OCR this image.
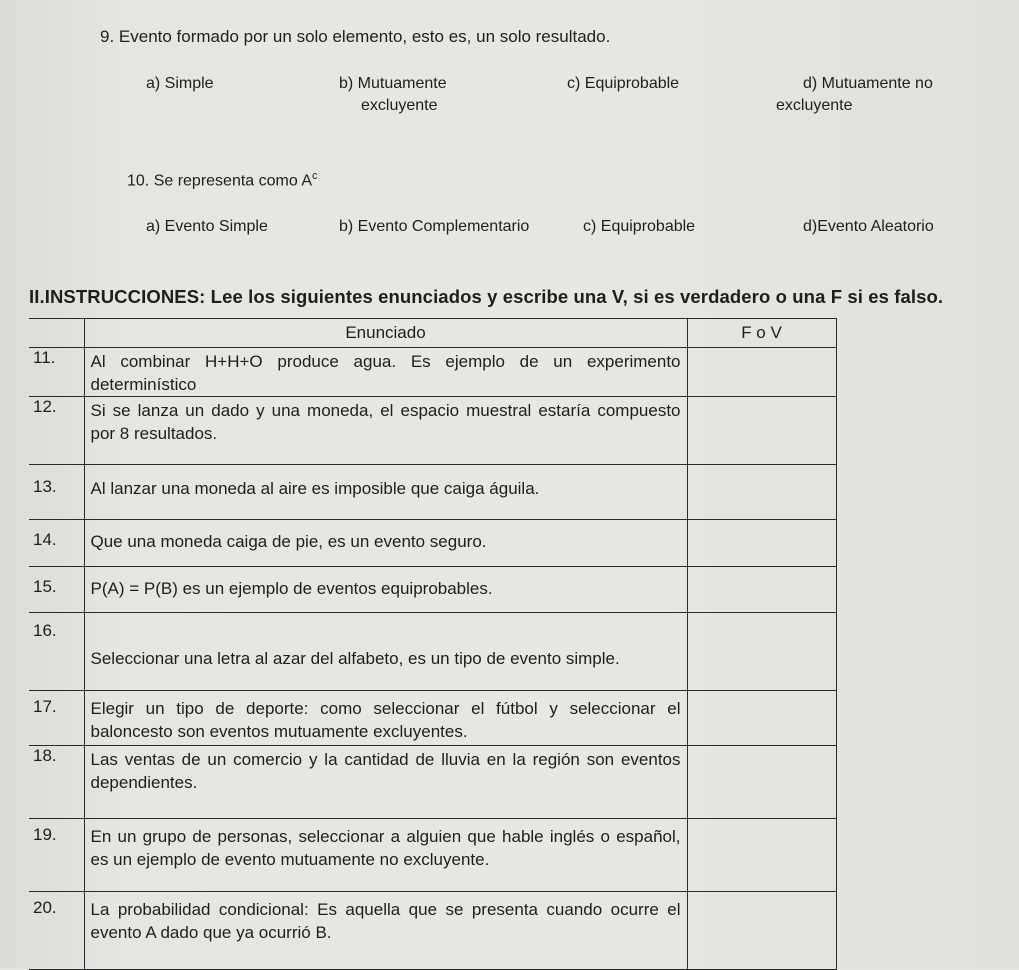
9. Evento formado por un solo elemento, esto es, un solo resultado.
a) Simple	b) Mutuamente
excluyente
c) Equiprobable	d) Mutuamente no
excluyente
10. Se representa como $A^c$
a) Evento Simple	b) Evento Complementario	c) Equiprobable	d)Evento Aleatorio
II.INSTRUCCIONES: Lee los siguientes enunciados y escribe una V, si es verdadero o una F si es falso.
	Enunciado	F o V
11.	Al combinar H+H+O produce agua. Es ejemplo de un experimento determinístico	
12.	Si se lanza un dado y una moneda, el espacio muestral estaría compuesto por 8 resultados.	
13.	Al lanzar una moneda al aire es imposible que caiga águila.	
14.	Que una moneda caiga de pie, es un evento seguro.	
15.	P(A) = P(B) es un ejemplo de eventos equiprobables.	
16.	Seleccionar una letra al azar del alfabeto, es un tipo de evento simple.	
17.	Elegir un tipo de deporte: como seleccionar el fútbol y seleccionar el baloncesto son eventos mutuamente excluyentes.	
18.	Las ventas de un comercio y la cantidad de lluvia en la región son eventos dependientes.	
19.	En un grupo de personas, seleccionar a alguien que hable inglés o español, es un ejemplo de evento mutuamente no excluyente.	
20.	La probabilidad condicional: Es aquella que se presenta cuando ocurre el evento A dado que ya ocurrió B.	
